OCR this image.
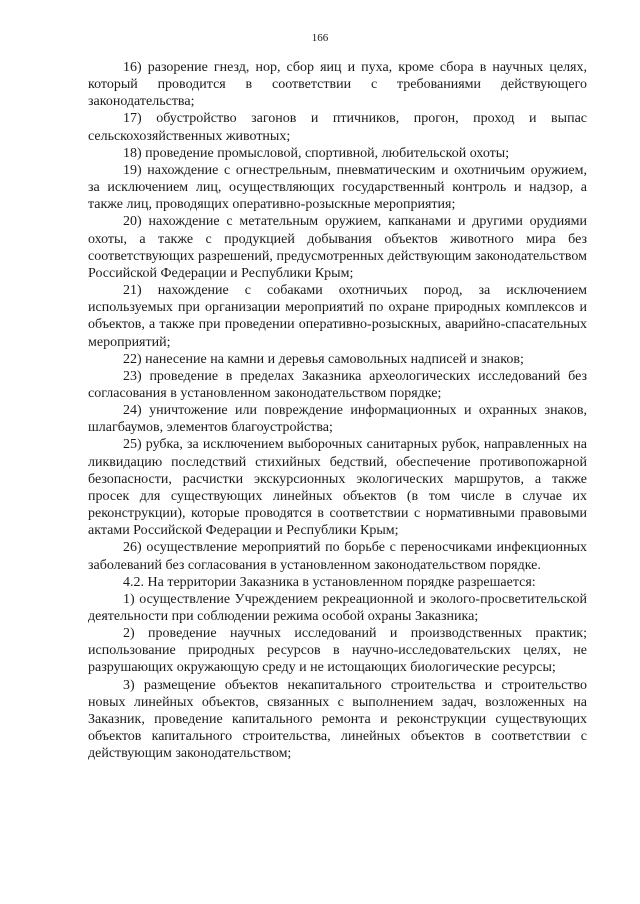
166

16) разорение гнезд, нор, сбор яиц и пуха, кроме сбора в научных целях, который проводится в соответствии с требованиями действующего законодательства;

17) обустройство загонов и птичников, прогон, проход и выпас сельскохозяйственных животных;

18) проведение промысловой, спортивной, любительской охоты;

19) нахождение с огнестрельным, пневматическим и охотничьим оружием, за исключением лиц, осуществляющих государственный контроль и надзор, а также лиц, проводящих оперативно-розыскные мероприятия;

20) нахождение с метательным оружием, капканами и другими орудиями охоты, а также с продукцией добывания объектов животного мира без соответствующих разрешений, предусмотренных действующим законодательством Российской Федерации и Республики Крым;

21) нахождение с собаками охотничьих пород, за исключением используемых при организации мероприятий по охране природных комплексов и объектов, а также при проведении оперативно-розыскных, аварийно-спасательных мероприятий;

22) нанесение на камни и деревья самовольных надписей и знаков;

23) проведение в пределах Заказника археологических исследований без согласования в установленном законодательством порядке;

24) уничтожение или повреждение информационных и охранных знаков, шлагбаумов, элементов благоустройства;

25) рубка, за исключением выборочных санитарных рубок, направленных на ликвидацию последствий стихийных бедствий, обеспечение противопожарной безопасности, расчистки экскурсионных экологических маршрутов, а также просек для существующих линейных объектов (в том числе в случае их реконструкции), которые проводятся в соответствии с нормативными правовыми актами Российской Федерации и Республики Крым;

26) осуществление мероприятий по борьбе с переносчиками инфекционных заболеваний без согласования в установленном законодательством порядке.

4.2. На территории Заказника в установленном порядке разрешается:

1) осуществление Учреждением рекреационной и эколого-просветительской деятельности при соблюдении режима особой охраны Заказника;

2) проведение научных исследований и производственных практик; использование природных ресурсов в научно-исследовательских целях, не разрушающих окружающую среду и не истощающих биологические ресурсы;

3) размещение объектов некапитального строительства и строительство новых линейных объектов, связанных с выполнением задач, возложенных на Заказник, проведение капитального ремонта и реконструкции существующих объектов капитального строительства, линейных объектов в соответствии с действующим законодательством;
